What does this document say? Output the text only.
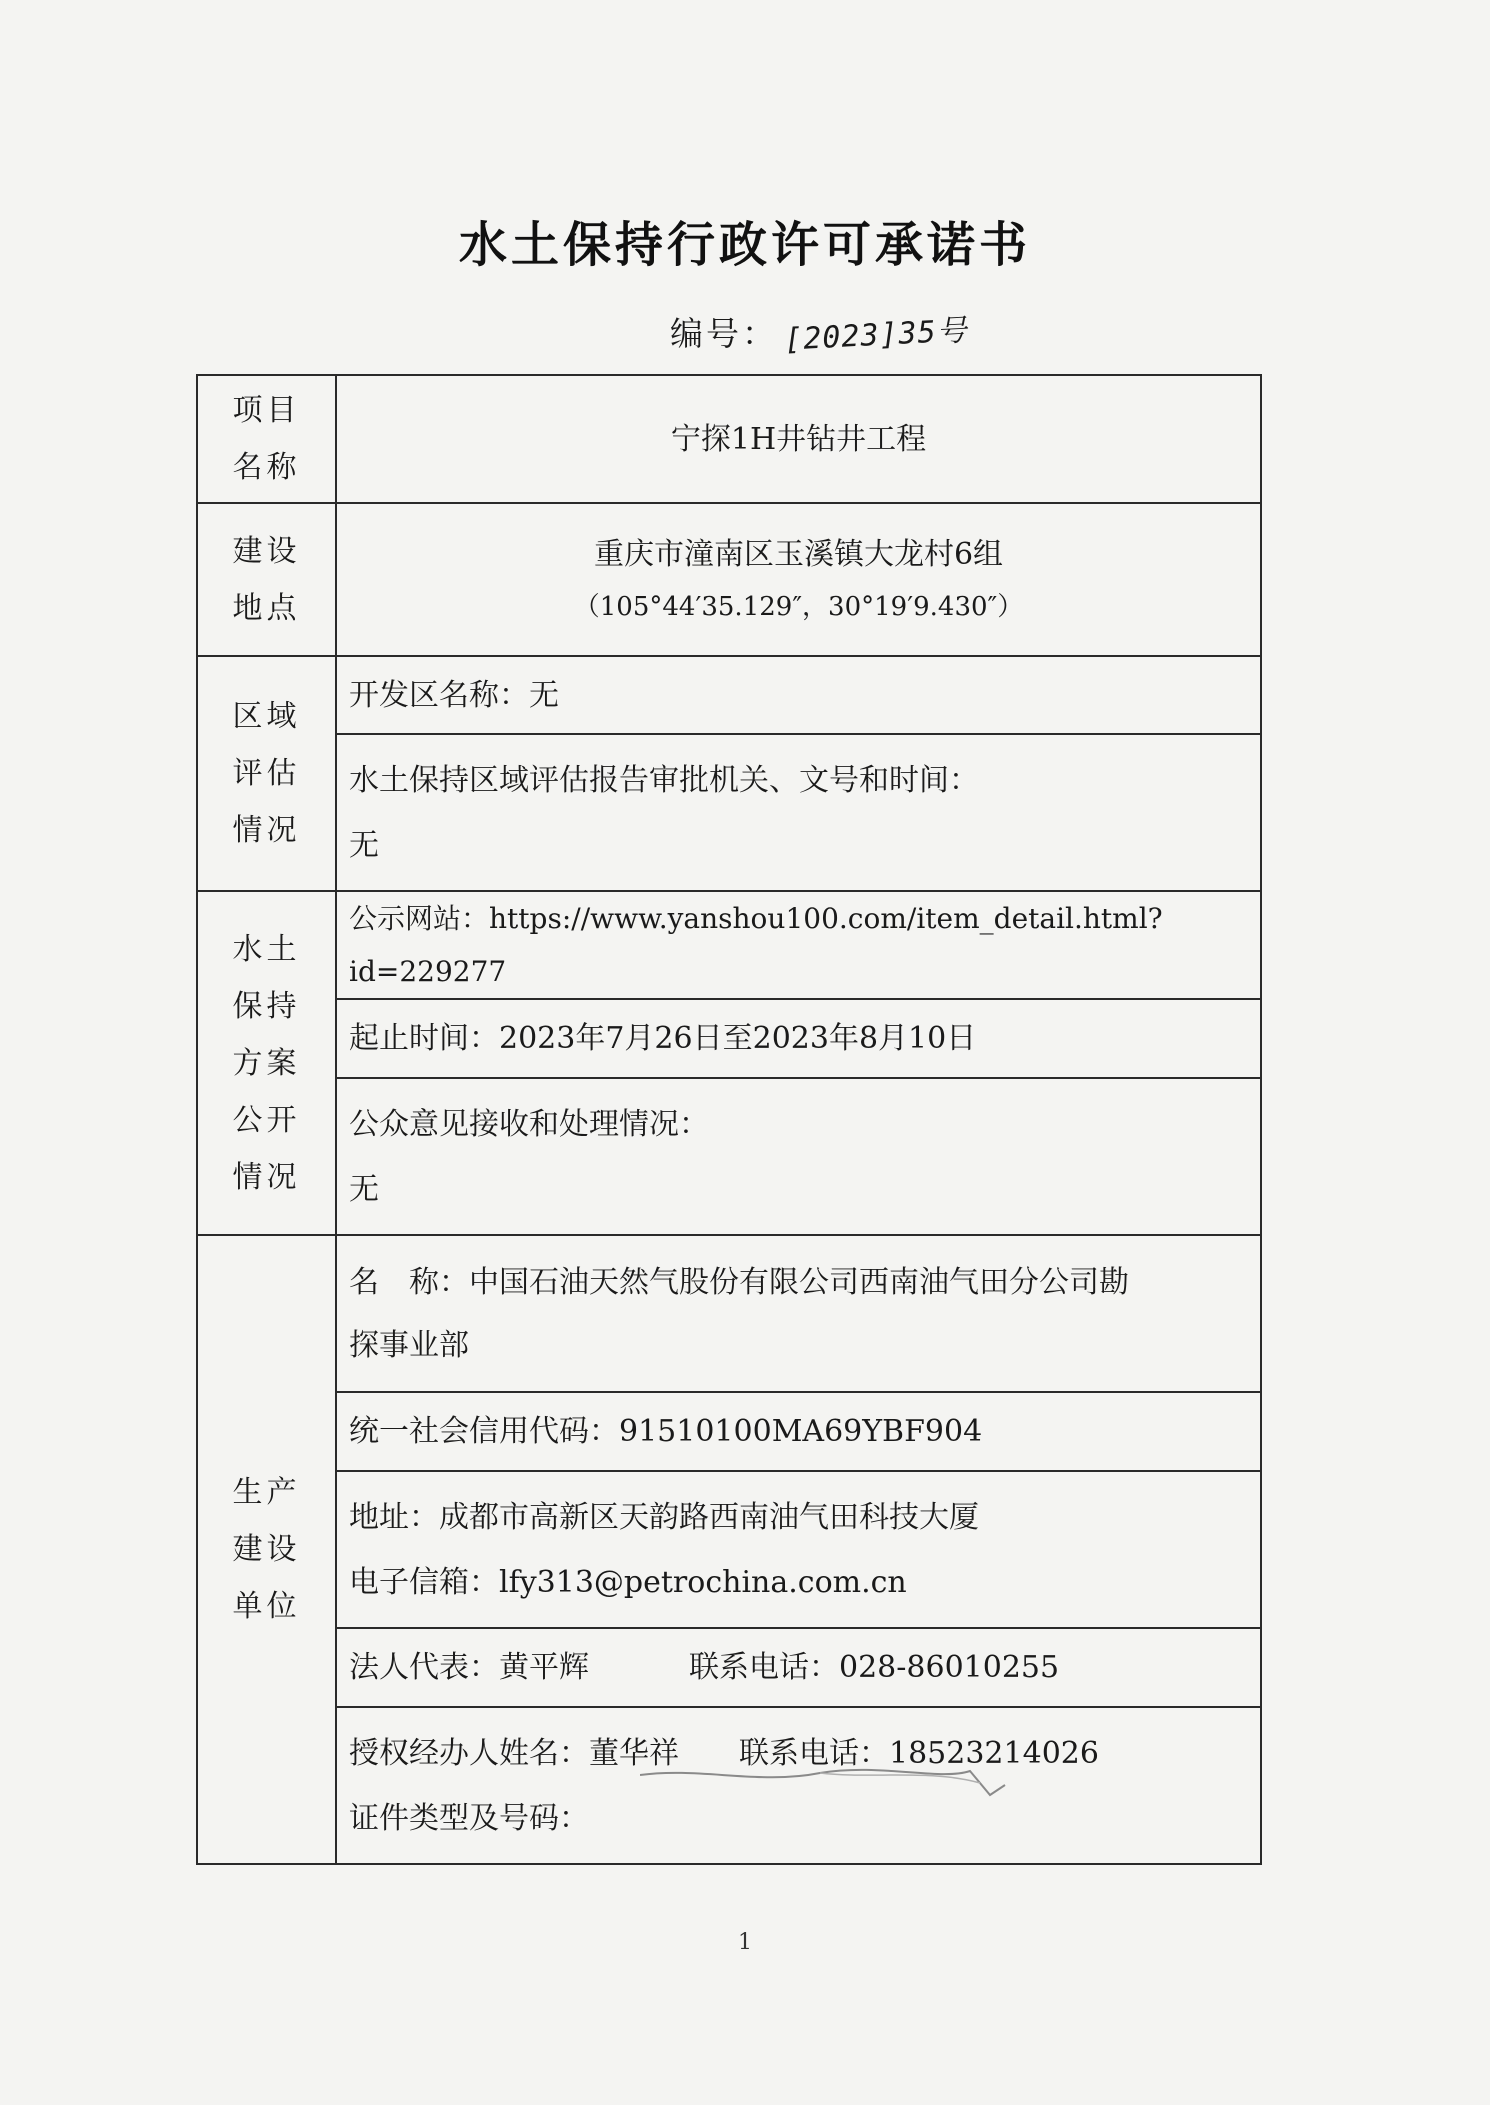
水土保持行政许可承诺书
编号： [2023]35号
项目
名称	宁探1H井钻井工程

建设
地点	重庆市潼南区玉溪镇大龙村6组
（105°44′35.129″，30°19′9.430″）

区域
评估
情况	开发区名称：无

	水土保持区域评估报告审批机关、文号和时间：
无

水土
保持
方案
公开
情况	公示网站：https://www.yanshou100.com/item_detail.html?id=229277
	起止时间：2023年7月26日至2023年8月10日

	公众意见接收和处理情况：
无

生产
建设
单位	名　称：中国石油天然气股份有限公司西南油气田分公司勘
探事业部

	统一社会信用代码：91510100MA69YBF904

	地址：成都市高新区天韵路西南油气田科技大厦
电子信箱：lfy313@petrochina.com.cn

	法人代表：黄平辉 联系电话：028-86010255

	授权经办人姓名：董华祥 联系电话：18523214026
证件类型及号码：
1
